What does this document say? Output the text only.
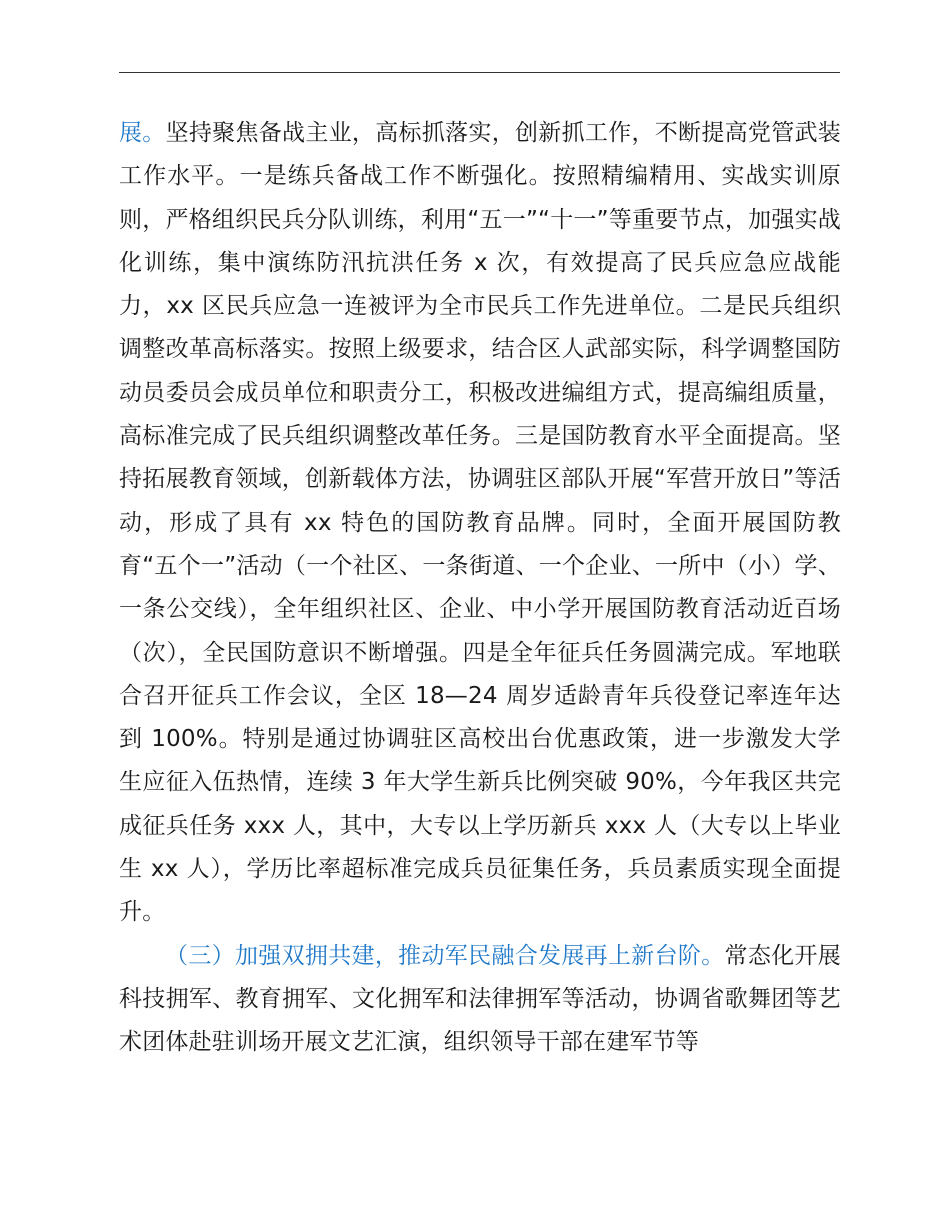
展。坚持聚焦备战主业，高标抓落实，创新抓工作，不断提高党管武装工作水平。一是练兵备战工作不断强化。按照精编精用、实战实训原则，严格组织民兵分队训练，利用“五一”“十一”等重要节点，加强实战化训练，集中演练防汛抗洪任务 x 次，有效提高了民兵应急应战能力，xx 区民兵应急一连被评为全市民兵工作先进单位。二是民兵组织调整改革高标落实。按照上级要求，结合区人武部实际，科学调整国防动员委员会成员单位和职责分工，积极改进编组方式，提高编组质量，高标准完成了民兵组织调整改革任务。三是国防教育水平全面提高。坚持拓展教育领域，创新载体方法，协调驻区部队开展“军营开放日”等活动，形成了具有 xx 特色的国防教育品牌。同时，全面开展国防教育“五个一”活动（一个社区、一条街道、一个企业、一所中（小）学、一条公交线），全年组织社区、企业、中小学开展国防教育活动近百场（次），全民国防意识不断增强。四是全年征兵任务圆满完成。军地联合召开征兵工作会议，全区 18—24 周岁适龄青年兵役登记率连年达到 100%。特别是通过协调驻区高校出台优惠政策，进一步激发大学生应征入伍热情，连续 3 年大学生新兵比例突破 90%，今年我区共完成征兵任务 xxx 人，其中，大专以上学历新兵 xxx 人（大专以上毕业生 xx 人），学历比率超标准完成兵员征集任务，兵员素质实现全面提升。

（三）加强双拥共建，推动军民融合发展再上新台阶。常态化开展科技拥军、教育拥军、文化拥军和法律拥军等活动，协调省歌舞团等艺术团体赴驻训场开展文艺汇演，组织领导干部在建军节等
